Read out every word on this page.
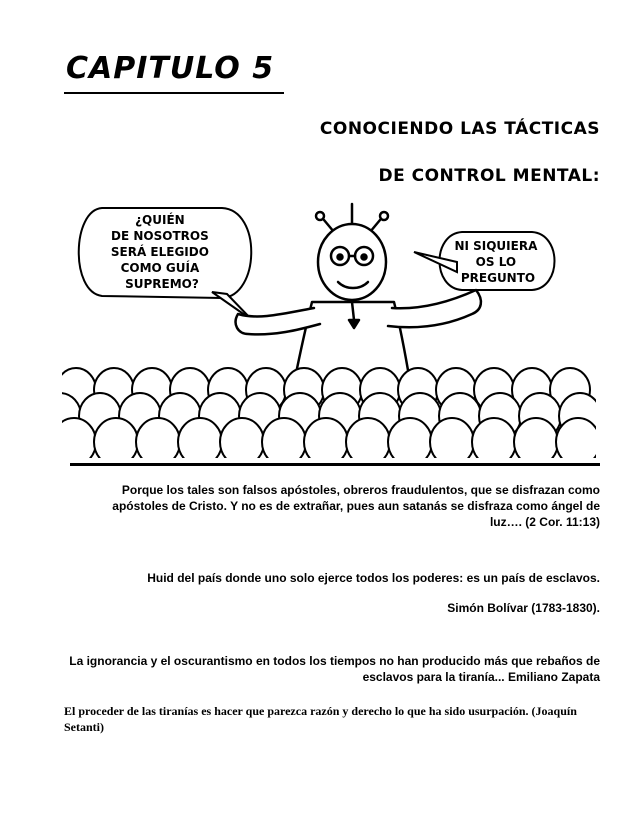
CAPITULO 5
CONOCIENDO LAS TÁCTICAS
DE CONTROL MENTAL:
¿QUIÉN DE NOSOTROS SERÁ ELEGIDO COMO GUÍA SUPREMO?
NI SIQUIERA OS LO PREGUNTO
Porque los tales son falsos apóstoles, obreros fraudulentos, que se disfrazan como apóstoles de Cristo. Y no es de extrañar, pues aun satanás se disfraza como ángel de luz…. (2 Cor. 11:13)
Huid del país donde uno solo ejerce todos los poderes: es un país de esclavos.
Simón Bolívar (1783-1830).
La ignorancia y el oscurantismo en todos los tiempos no han producido más que rebaños de esclavos para la tiranía... Emiliano Zapata
El proceder de las tiranías es hacer que parezca razón y derecho lo que ha sido usurpación. (Joaquín Setanti)
